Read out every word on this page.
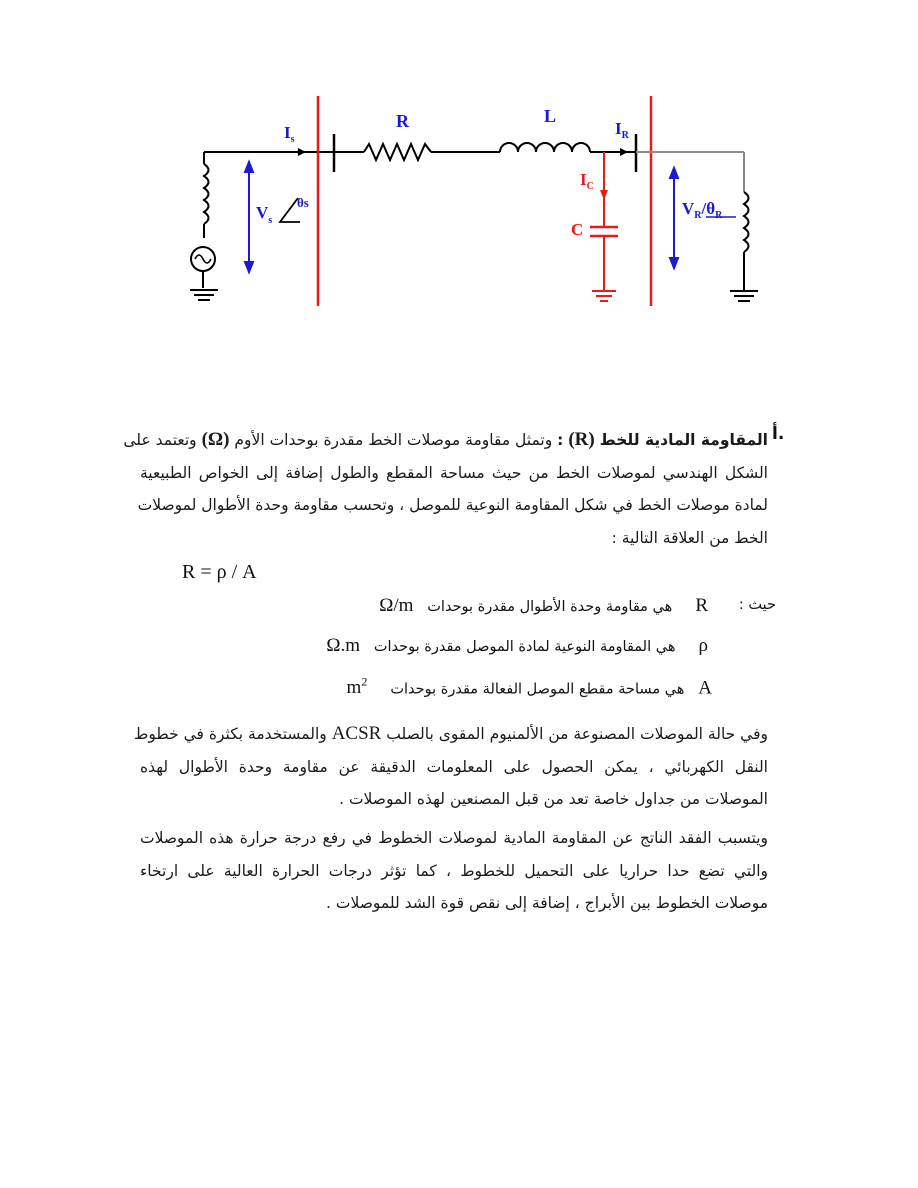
$I_s$
R	L
$I_R$
$I_C$
C
$V_s$
θs	$V_R/\theta_R$
أ.
المقاومة المادية للخط (R) : وتمثل مقاومة موصلات الخط مقدرة بوحدات الأوم (Ω) وتعتمد على
الشكل الهندسي لموصلات الخط من حيث مساحة المقطع والطول إضافة إلى الخواص الطبيعية
لمادة موصلات الخط في شكل المقاومة النوعية للموصل ، وتحسب مقاومة وحدة الأطوال لموصلات
الخط من العلاقة التالية :
R = ρ / A
حيث :
R     هي مقاومة وحدة الأطوال مقدرة بوحدات   Ω/m
ρ     هي المقاومة النوعية لمادة الموصل مقدرة بوحدات   Ω.m
A   هي مساحة مقطع الموصل الفعالة مقدرة بوحدات     $m^2$
وفي حالة الموصلات المصنوعة من الألمنيوم المقوى بالصلب ACSR والمستخدمة بكثرة في خطوط
النقل الكهربائي ، يمكن الحصول على المعلومات الدقيقة عن مقاومة وحدة الأطوال لهذه
الموصلات من جداول خاصة تعد من قبل المصنعين لهذه الموصلات .
ويتسبب الفقد الناتج عن المقاومة المادية لموصلات الخطوط في رفع درجة حرارة هذه الموصلات
والتي تضع حدا حراريا على التحميل للخطوط ، كما تؤثر درجات الحرارة العالية على ارتخاء
موصلات الخطوط بين الأبراج ، إضافة إلى نقص قوة الشد للموصلات .
